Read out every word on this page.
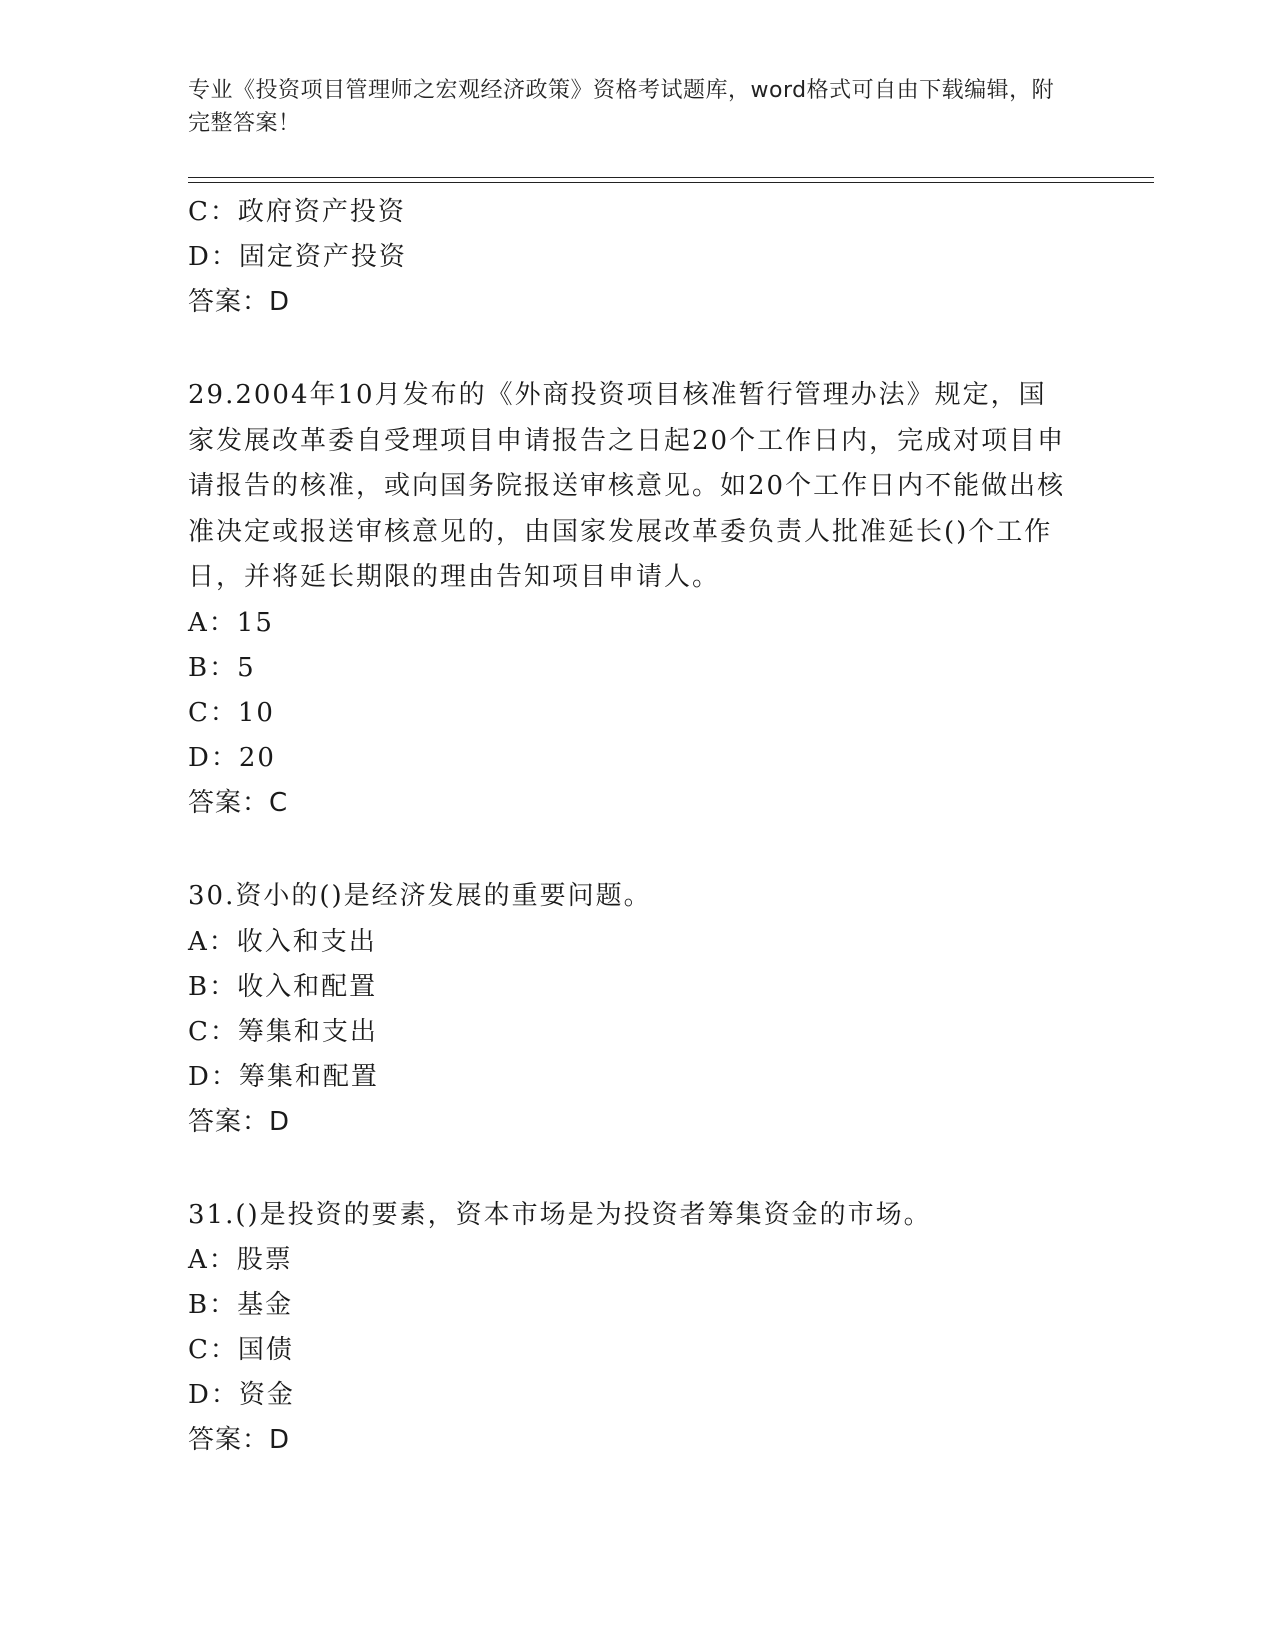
专业《投资项目管理师之宏观经济政策》资格考试题库，word格式可自由下载编辑，附完整答案！
C：政府资产投资
D：固定资产投资
答案：D
29.2004年10月发布的《外商投资项目核准暂行管理办法》规定，国家发展改革委自受理项目申请报告之日起20个工作日内，完成对项目申请报告的核准，或向国务院报送审核意见。如20个工作日内不能做出核准决定或报送审核意见的，由国家发展改革委负责人批准延长()个工作日，并将延长期限的理由告知项目申请人。
A：15
B：5
C：10
D：20
答案：C
30.资小的()是经济发展的重要问题。
A：收入和支出
B：收入和配置
C：筹集和支出
D：筹集和配置
答案：D
31.()是投资的要素，资本市场是为投资者筹集资金的市场。
A：股票
B：基金
C：国债
D：资金
答案：D
